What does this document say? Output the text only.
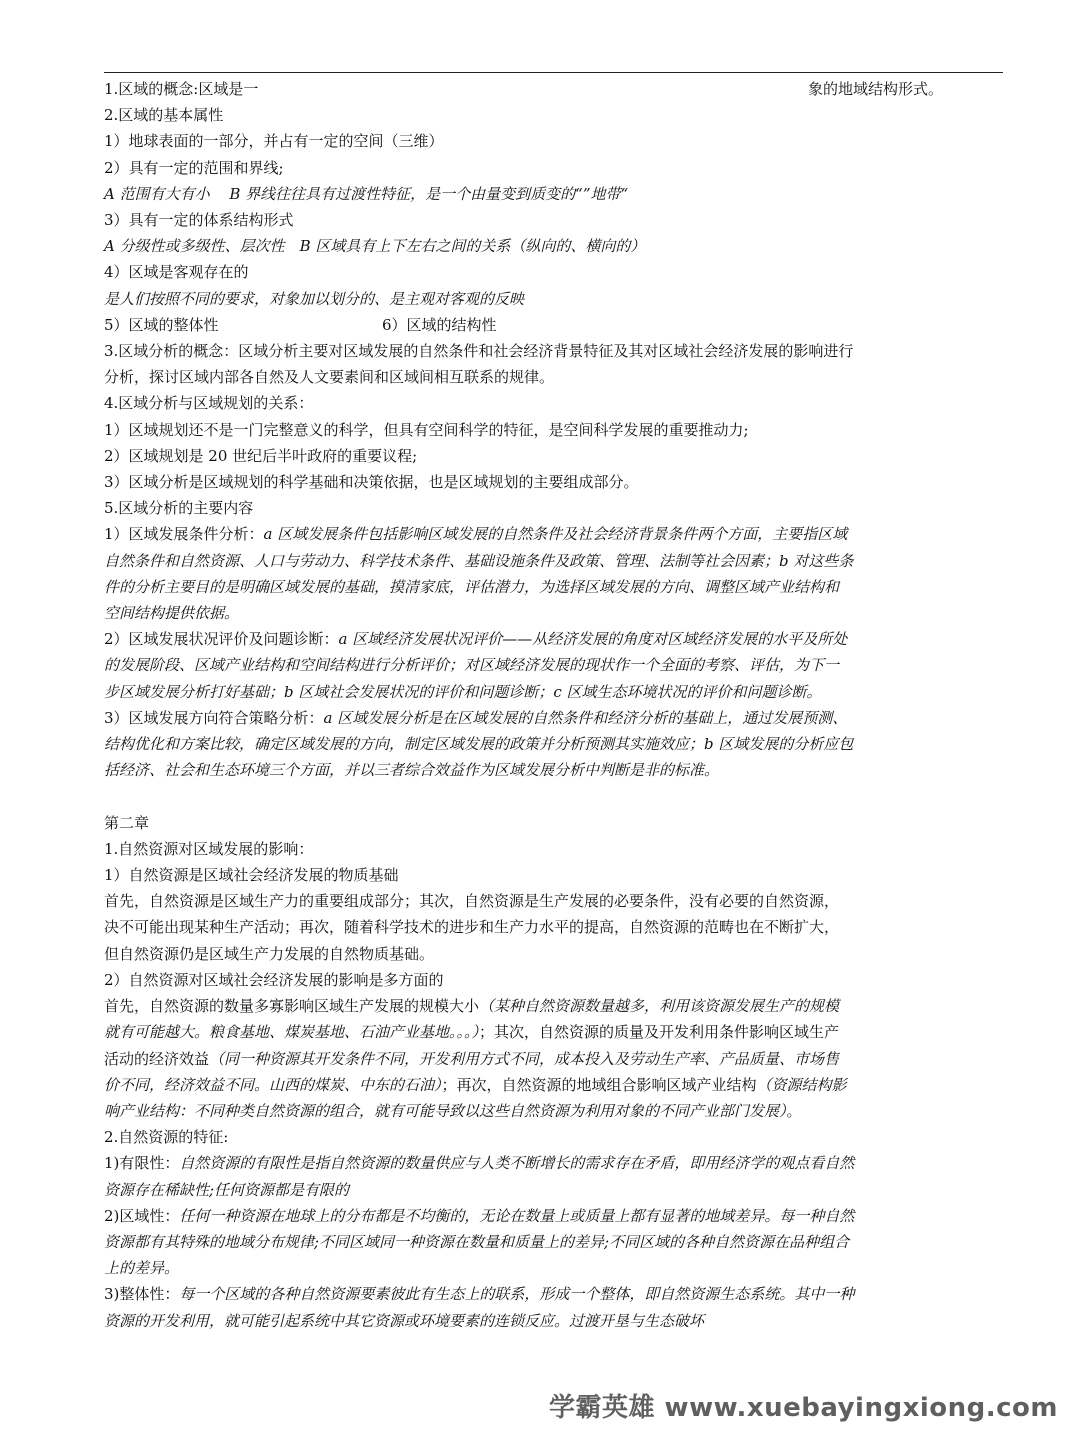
1.区域的概念:区域是一	象的地域结构形式。
2.区域的基本属性
1）地球表面的一部分，并占有一定的空间（三维）
2）具有一定的范围和界线;
A 范围有大有小　 B 界线往往具有过渡性特征，是一个由量变到质变的“”地带“
3）具有一定的体系结构形式
A 分级性或多级性、层次性　B 区域具有上下左右之间的关系（纵向的、横向的）
4）区域是客观存在的
是人们按照不同的要求，对象加以划分的、是主观对客观的反映
5）区域的整体性	6）区域的结构性
3.区域分析的概念：区域分析主要对区域发展的自然条件和社会经济背景特征及其对区域社会经济发展的影响进行
分析，探讨区域内部各自然及人文要素间和区域间相互联系的规律。
4.区域分析与区域规划的关系：
1）区域规划还不是一门完整意义的科学，但具有空间科学的特征，是空间科学发展的重要推动力;
2）区域规划是 20 世纪后半叶政府的重要议程;
3）区域分析是区域规划的科学基础和决策依据，也是区域规划的主要组成部分。
5.区域分析的主要内容
1）区域发展条件分析：a 区域发展条件包括影响区域发展的自然条件及社会经济背景条件两个方面，主要指区域
自然条件和自然资源、人口与劳动力、科学技术条件、基础设施条件及政策、管理、法制等社会因素；b 对这些条
件的分析主要目的是明确区域发展的基础，摸清家底，评估潜力，为选择区域发展的方向、调整区域产业结构和
空间结构提供依据。
2）区域发展状况评价及问题诊断：a 区域经济发展状况评价——从经济发展的角度对区域经济发展的水平及所处
的发展阶段、区域产业结构和空间结构进行分析评价；对区域经济发展的现状作一个全面的考察、评估，为下一
步区域发展分析打好基础；b 区域社会发展状况的评价和问题诊断；c 区域生态环境状况的评价和问题诊断。
3）区域发展方向符合策略分析：a 区域发展分析是在区域发展的自然条件和经济分析的基础上，通过发展预测、
结构优化和方案比较，确定区域发展的方向，制定区域发展的政策并分析预测其实施效应；b 区域发展的分析应包
括经济、社会和生态环境三个方面，并以三者综合效益作为区域发展分析中判断是非的标准。
第二章
1.自然资源对区域发展的影响：
1）自然资源是区域社会经济发展的物质基础
首先，自然资源是区域生产力的重要组成部分；其次，自然资源是生产发展的必要条件，没有必要的自然资源，
决不可能出现某种生产活动；再次，随着科学技术的进步和生产力水平的提高，自然资源的范畴也在不断扩大，
但自然资源仍是区域生产力发展的自然物质基础。
2）自然资源对区域社会经济发展的影响是多方面的
首先，自然资源的数量多寡影响区域生产发展的规模大小（某种自然资源数量越多，利用该资源发展生产的规模
就有可能越大。粮食基地、煤炭基地、石油产业基地。。。）；其次，自然资源的质量及开发利用条件影响区域生产
活动的经济效益（同一种资源其开发条件不同，开发利用方式不同，成本投入及劳动生产率、产品质量、市场售
价不同，经济效益不同。山西的煤炭、中东的石油）；再次，自然资源的地域组合影响区域产业结构（资源结构影
响产业结构：不同种类自然资源的组合，就有可能导致以这些自然资源为利用对象的不同产业部门发展）。
2.自然资源的特征:
1)有限性：自然资源的有限性是指自然资源的数量供应与人类不断增长的需求存在矛盾，即用经济学的观点看自然
资源存在稀缺性;任何资源都是有限的
2)区域性：任何一种资源在地球上的分布都是不均衡的，无论在数量上或质量上都有显著的地域差异。每一种自然
资源都有其特殊的地域分布规律;不同区域同一种资源在数量和质量上的差异;不同区域的各种自然资源在品种组合
上的差异。
3)整体性：每一个区域的各种自然资源要素彼此有生态上的联系，形成一个整体，即自然资源生态系统。其中一种
资源的开发利用，就可能引起系统中其它资源或环境要素的连锁反应。过渡开垦与生态破坏
学霸英雄 www.xuebayingxiong.com
